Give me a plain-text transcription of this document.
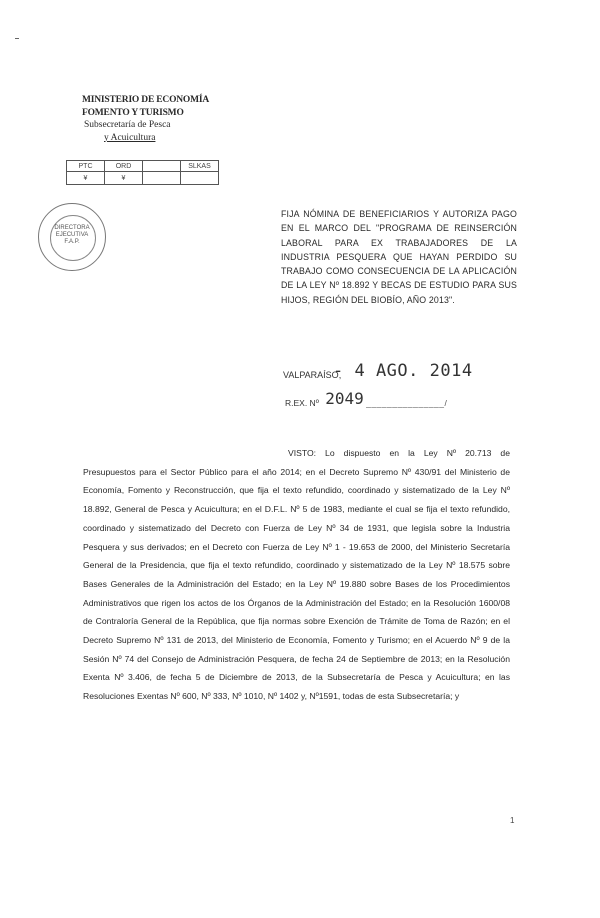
MINISTERIO DE ECONOMÍA
FOMENTO Y TURISMO
Subsecretaría de Pesca
y Acuicultura
PTC	ORD		SLKAS
¥	¥		
DIRECTORA
EJECUTIVA
F.A.P.
FIJA NÓMINA DE BENEFICIARIOS Y AUTORIZA PAGO EN EL MARCO DEL "PROGRAMA DE REINSERCIÓN LABORAL PARA EX TRABAJADORES DE LA INDUSTRIA PESQUERA QUE HAYAN PERDIDO SU TRABAJO COMO CONSECUENCIA DE LA APLICACIÓN DE LA LEY Nº 18.892 Y BECAS DE ESTUDIO PARA SUS HIJOS, REGIÓN DEL BIOBÍO, AÑO 2013".
VALPARAÍSO,
- 4 AGO. 2014
R.EX. Nº 2049 _______________/
VISTO: Lo dispuesto en la Ley Nº 20.713 de Presupuestos para el Sector Público para el año 2014; en el Decreto Supremo Nº 430/91 del Ministerio de Economía, Fomento y Reconstrucción, que fija el texto refundido, coordinado y sistematizado de la Ley Nº 18.892, General de Pesca y Acuicultura; en el D.F.L. Nº 5 de 1983, mediante el cual se fija el texto refundido, coordinado y sistematizado del Decreto con Fuerza de Ley Nº 34 de 1931, que legisla sobre la Industria Pesquera y sus derivados; en el Decreto con Fuerza de Ley Nº 1 - 19.653 de 2000, del Ministerio Secretaría General de la Presidencia, que fija el texto refundido, coordinado y sistematizado de la Ley Nº 18.575 sobre Bases Generales de la Administración del Estado; en la Ley Nº 19.880 sobre Bases de los Procedimientos Administrativos que rigen los actos de los Órganos de la Administración del Estado; en la Resolución 1600/08 de Contraloría General de la República, que fija normas sobre Exención de Trámite de Toma de Razón; en el Decreto Supremo Nº 131 de 2013, del Ministerio de Economía, Fomento y Turismo; en el Acuerdo Nº 9 de la Sesión Nº 74 del Consejo de Administración Pesquera, de fecha 24 de Septiembre de 2013; en la Resolución Exenta Nº 3.406, de fecha 5 de Diciembre de 2013, de la Subsecretaría de Pesca y Acuicultura; en las Resoluciones Exentas Nº 600, Nº 333, Nº 1010, Nº 1402 y, Nº1591, todas de esta Subsecretaría; y
1
